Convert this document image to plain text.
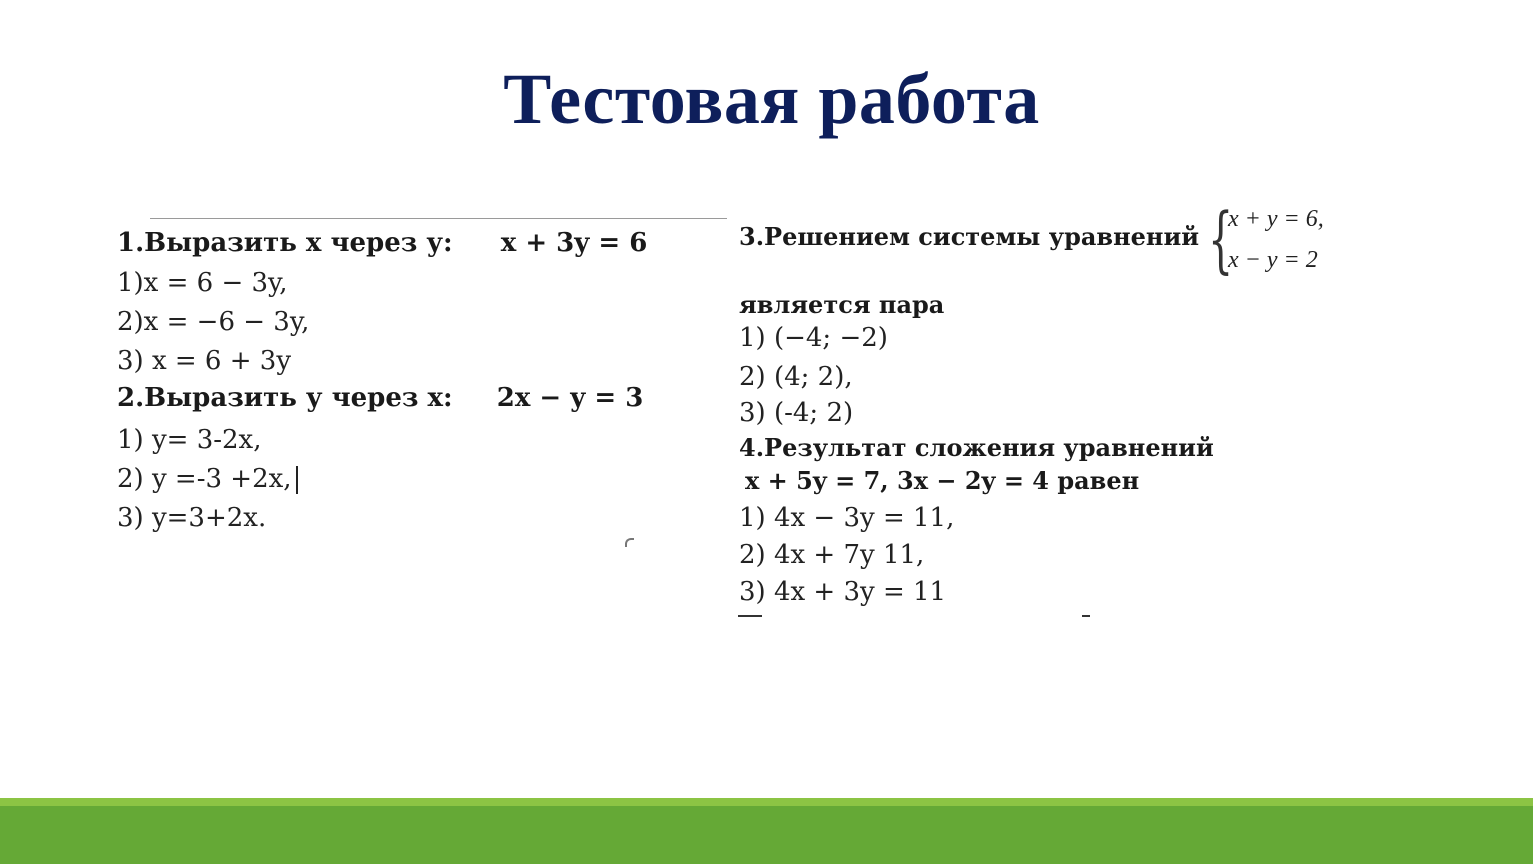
Тестовая работа
1.Выразить х через у: x + 3y = 6
1)x = 6 − 3y,
2)x = −6 − 3y,
3) x = 6 + 3y
2.Выразить у через х: 2x − y = 3
1) y= 3-2x,
2) y =-3 +2x,
3) y=3+2x.
3.Решением системы уравнений {
x + y = 6,
x − y = 2
является пара
1) (−4; −2)
2) (4; 2),
3) (-4; 2)
4.Результат сложения уравнений
x + 5y = 7, 3x − 2y = 4 равен
1) 4x − 3y = 11,
2) 4x + 7y 11,
3) 4x + 3y = 11
